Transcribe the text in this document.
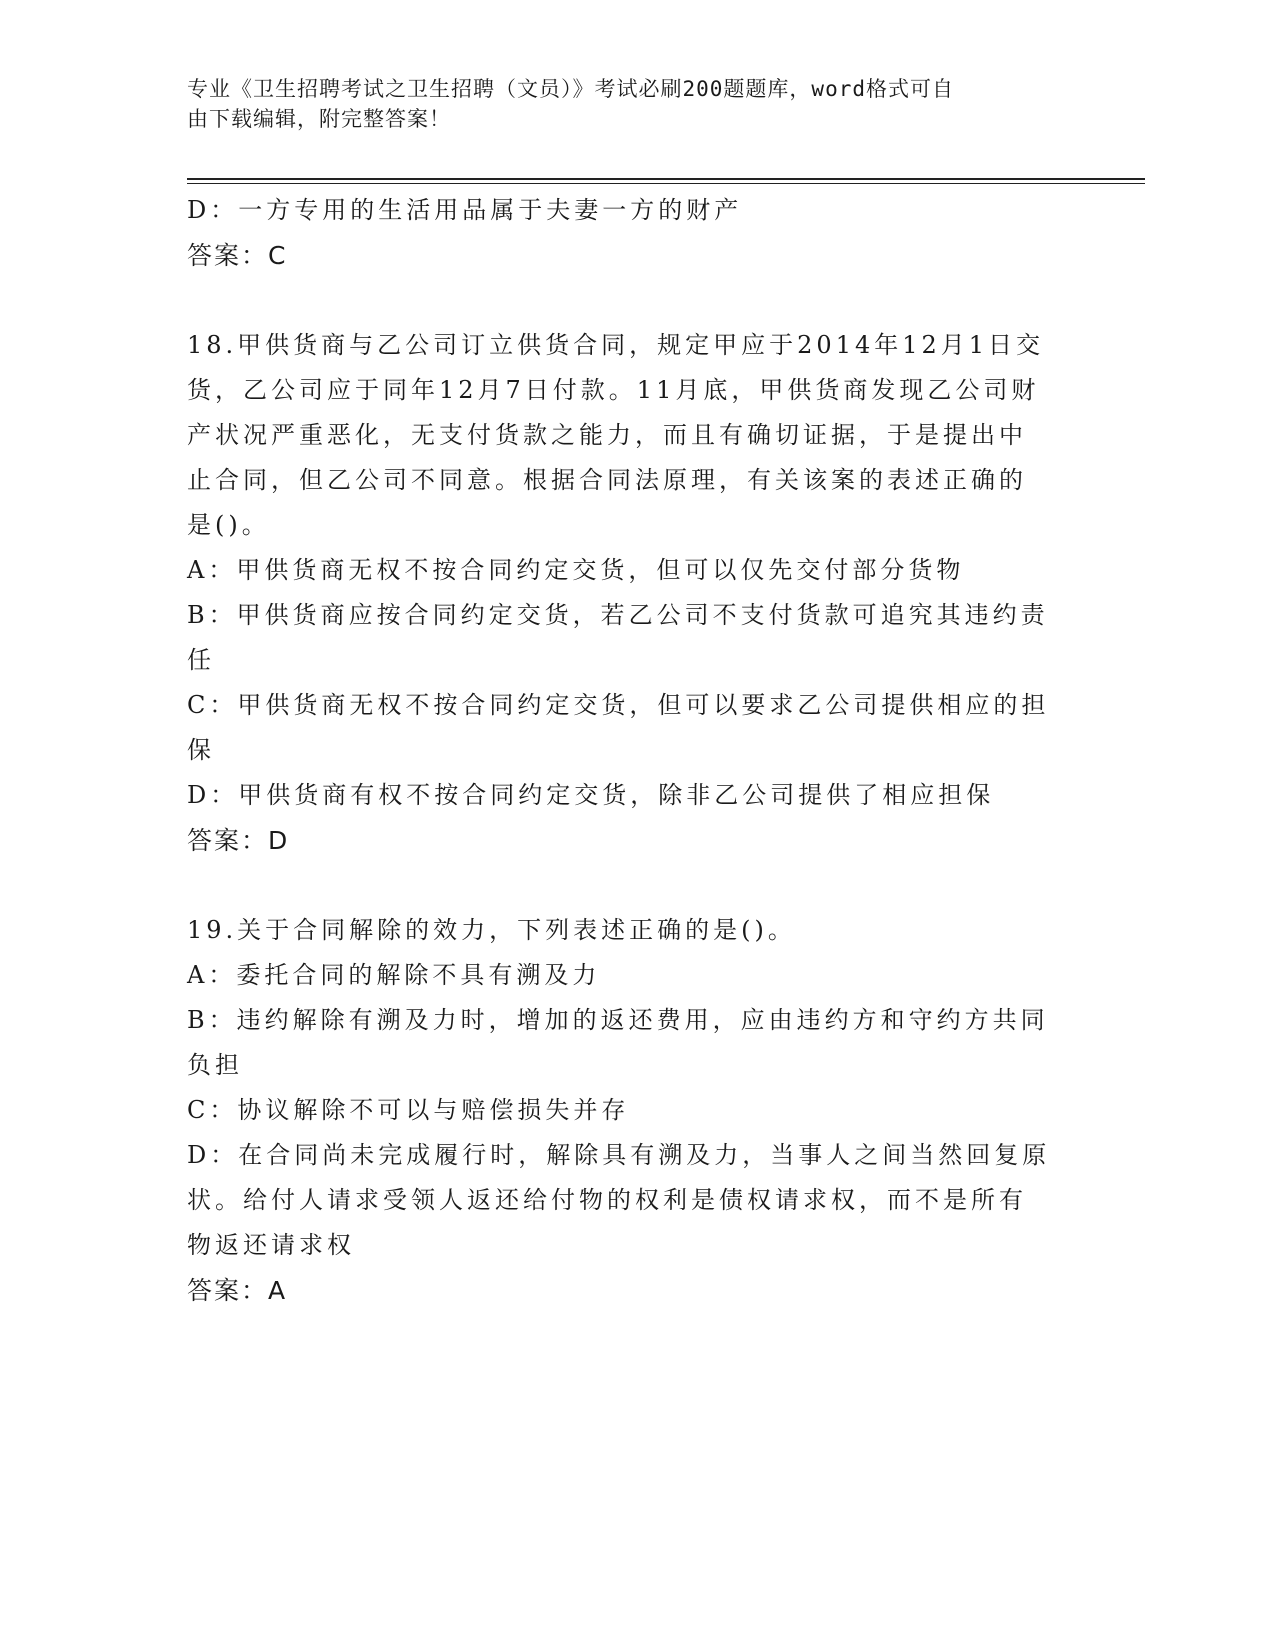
专业《卫生招聘考试之卫生招聘（文员）》考试必刷200题题库，word格式可自
由下载编辑，附完整答案！

D：一方专用的生活用品属于夫妻一方的财产

答案：C

18.甲供货商与乙公司订立供货合同，规定甲应于2014年12月1日交

货，乙公司应于同年12月7日付款。11月底，甲供货商发现乙公司财

产状况严重恶化，无支付货款之能力，而且有确切证据，于是提出中

止合同，但乙公司不同意。根据合同法原理，有关该案的表述正确的

是()。

A：甲供货商无权不按合同约定交货，但可以仅先交付部分货物

B：甲供货商应按合同约定交货，若乙公司不支付货款可追究其违约责

任

C：甲供货商无权不按合同约定交货，但可以要求乙公司提供相应的担

保

D：甲供货商有权不按合同约定交货，除非乙公司提供了相应担保

答案：D

19.关于合同解除的效力，下列表述正确的是()。

A：委托合同的解除不具有溯及力

B：违约解除有溯及力时，增加的返还费用，应由违约方和守约方共同

负担

C：协议解除不可以与赔偿损失并存

D：在合同尚未完成履行时，解除具有溯及力，当事人之间当然回复原

状。给付人请求受领人返还给付物的权利是债权请求权，而不是所有

物返还请求权

答案：A
